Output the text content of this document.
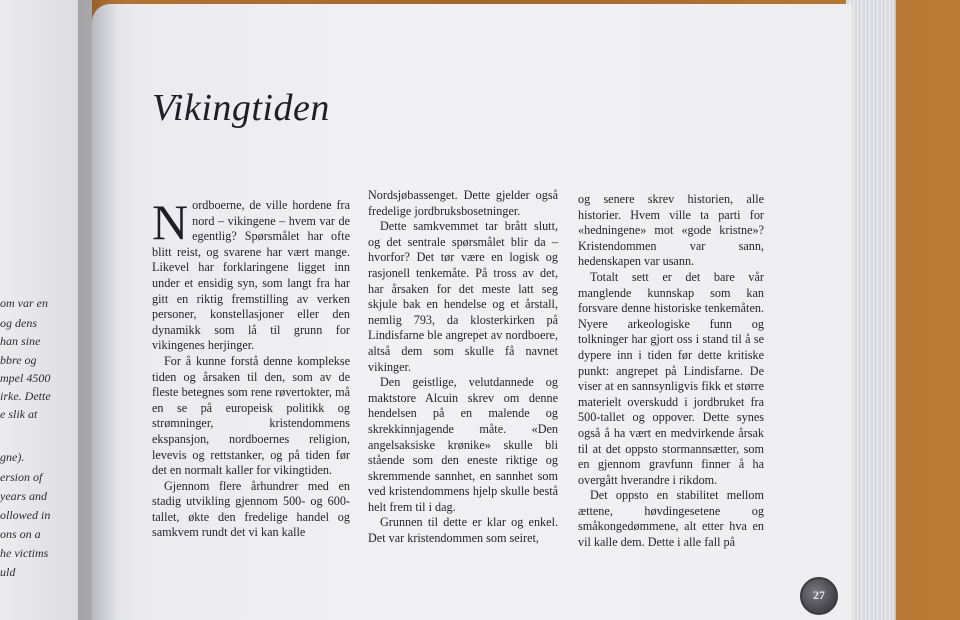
om var en
og dens
han sine
bbre og
mpel 4500
irke. Dette
e slik at
gne).
ersion of
years and
ollowed in
ons on a
he victims
uld
Vikingtiden

Nordboerne, de ville hordene fra nord – vikingene – hvem var de egentlig? Spørsmålet har ofte blitt reist, og svarene har vært mange. Likevel har forklaringene ligget inn under et ensidig syn, som langt fra har gitt en riktig fremstilling av verken personer, konstellasjoner eller den dynamikk som lå til grunn for vikingenes herjinger.

For å kunne forstå denne komplekse tiden og årsaken til den, som av de fleste betegnes som rene røvertokter, må en se på europeisk politikk og strømninger, kristendommens ekspansjon, nordboernes religion, levevis og rettstanker, og på tiden før det en normalt kaller for vikingtiden.

Gjennom flere århundrer med en stadig utvikling gjennom 500- og 600-tallet, økte den fredelige handel og samkvem rundt det vi kan kalle

Nordsjøbassenget. Dette gjelder også fredelige jordbruksbosetninger.

Dette samkvemmet tar brått slutt, og det sentrale spørsmålet blir da – hvorfor? Det tør være en logisk og rasjonell tenkemåte. På tross av det, har årsaken for det meste latt seg skjule bak en hendelse og et årstall, nemlig 793, da klosterkirken på Lindisfarne ble angrepet av nordboere, altså dem som skulle få navnet vikinger.

Den geistlige, velutdannede og maktstore Alcuin skrev om denne hendelsen på en malende og skrekkinnjagende måte. «Den angelsaksiske krønike» skulle bli stående som den eneste riktige og skremmende sannhet, en sannhet som ved kristendommens hjelp skulle bestå helt frem til i dag.

Grunnen til dette er klar og enkel. Det var kristendommen som seiret,

og senere skrev historien, alle historier. Hvem ville ta parti for «hedningene» mot «gode kristne»? Kristendommen var sann, hedenskapen var usann.

Totalt sett er det bare vår manglende kunnskap som kan forsvare denne historiske tenkemåten. Nyere arkeologiske funn og tolkninger har gjort oss i stand til å se dypere inn i tiden før dette kritiske punkt: angrepet på Lindisfarne. De viser at en sannsynligvis fikk et større materielt overskudd i jordbruket fra 500-tallet og oppover. Dette synes også å ha vært en medvirkende årsak til at det oppsto stormannsætter, som en gjennom gravfunn finner å ha overgått hverandre i rikdom.

Det oppsto en stabilitet mellom ættene, høvdingesetene og småkongedømmene, alt etter hva en vil kalle dem. Dette i alle fall på

27
